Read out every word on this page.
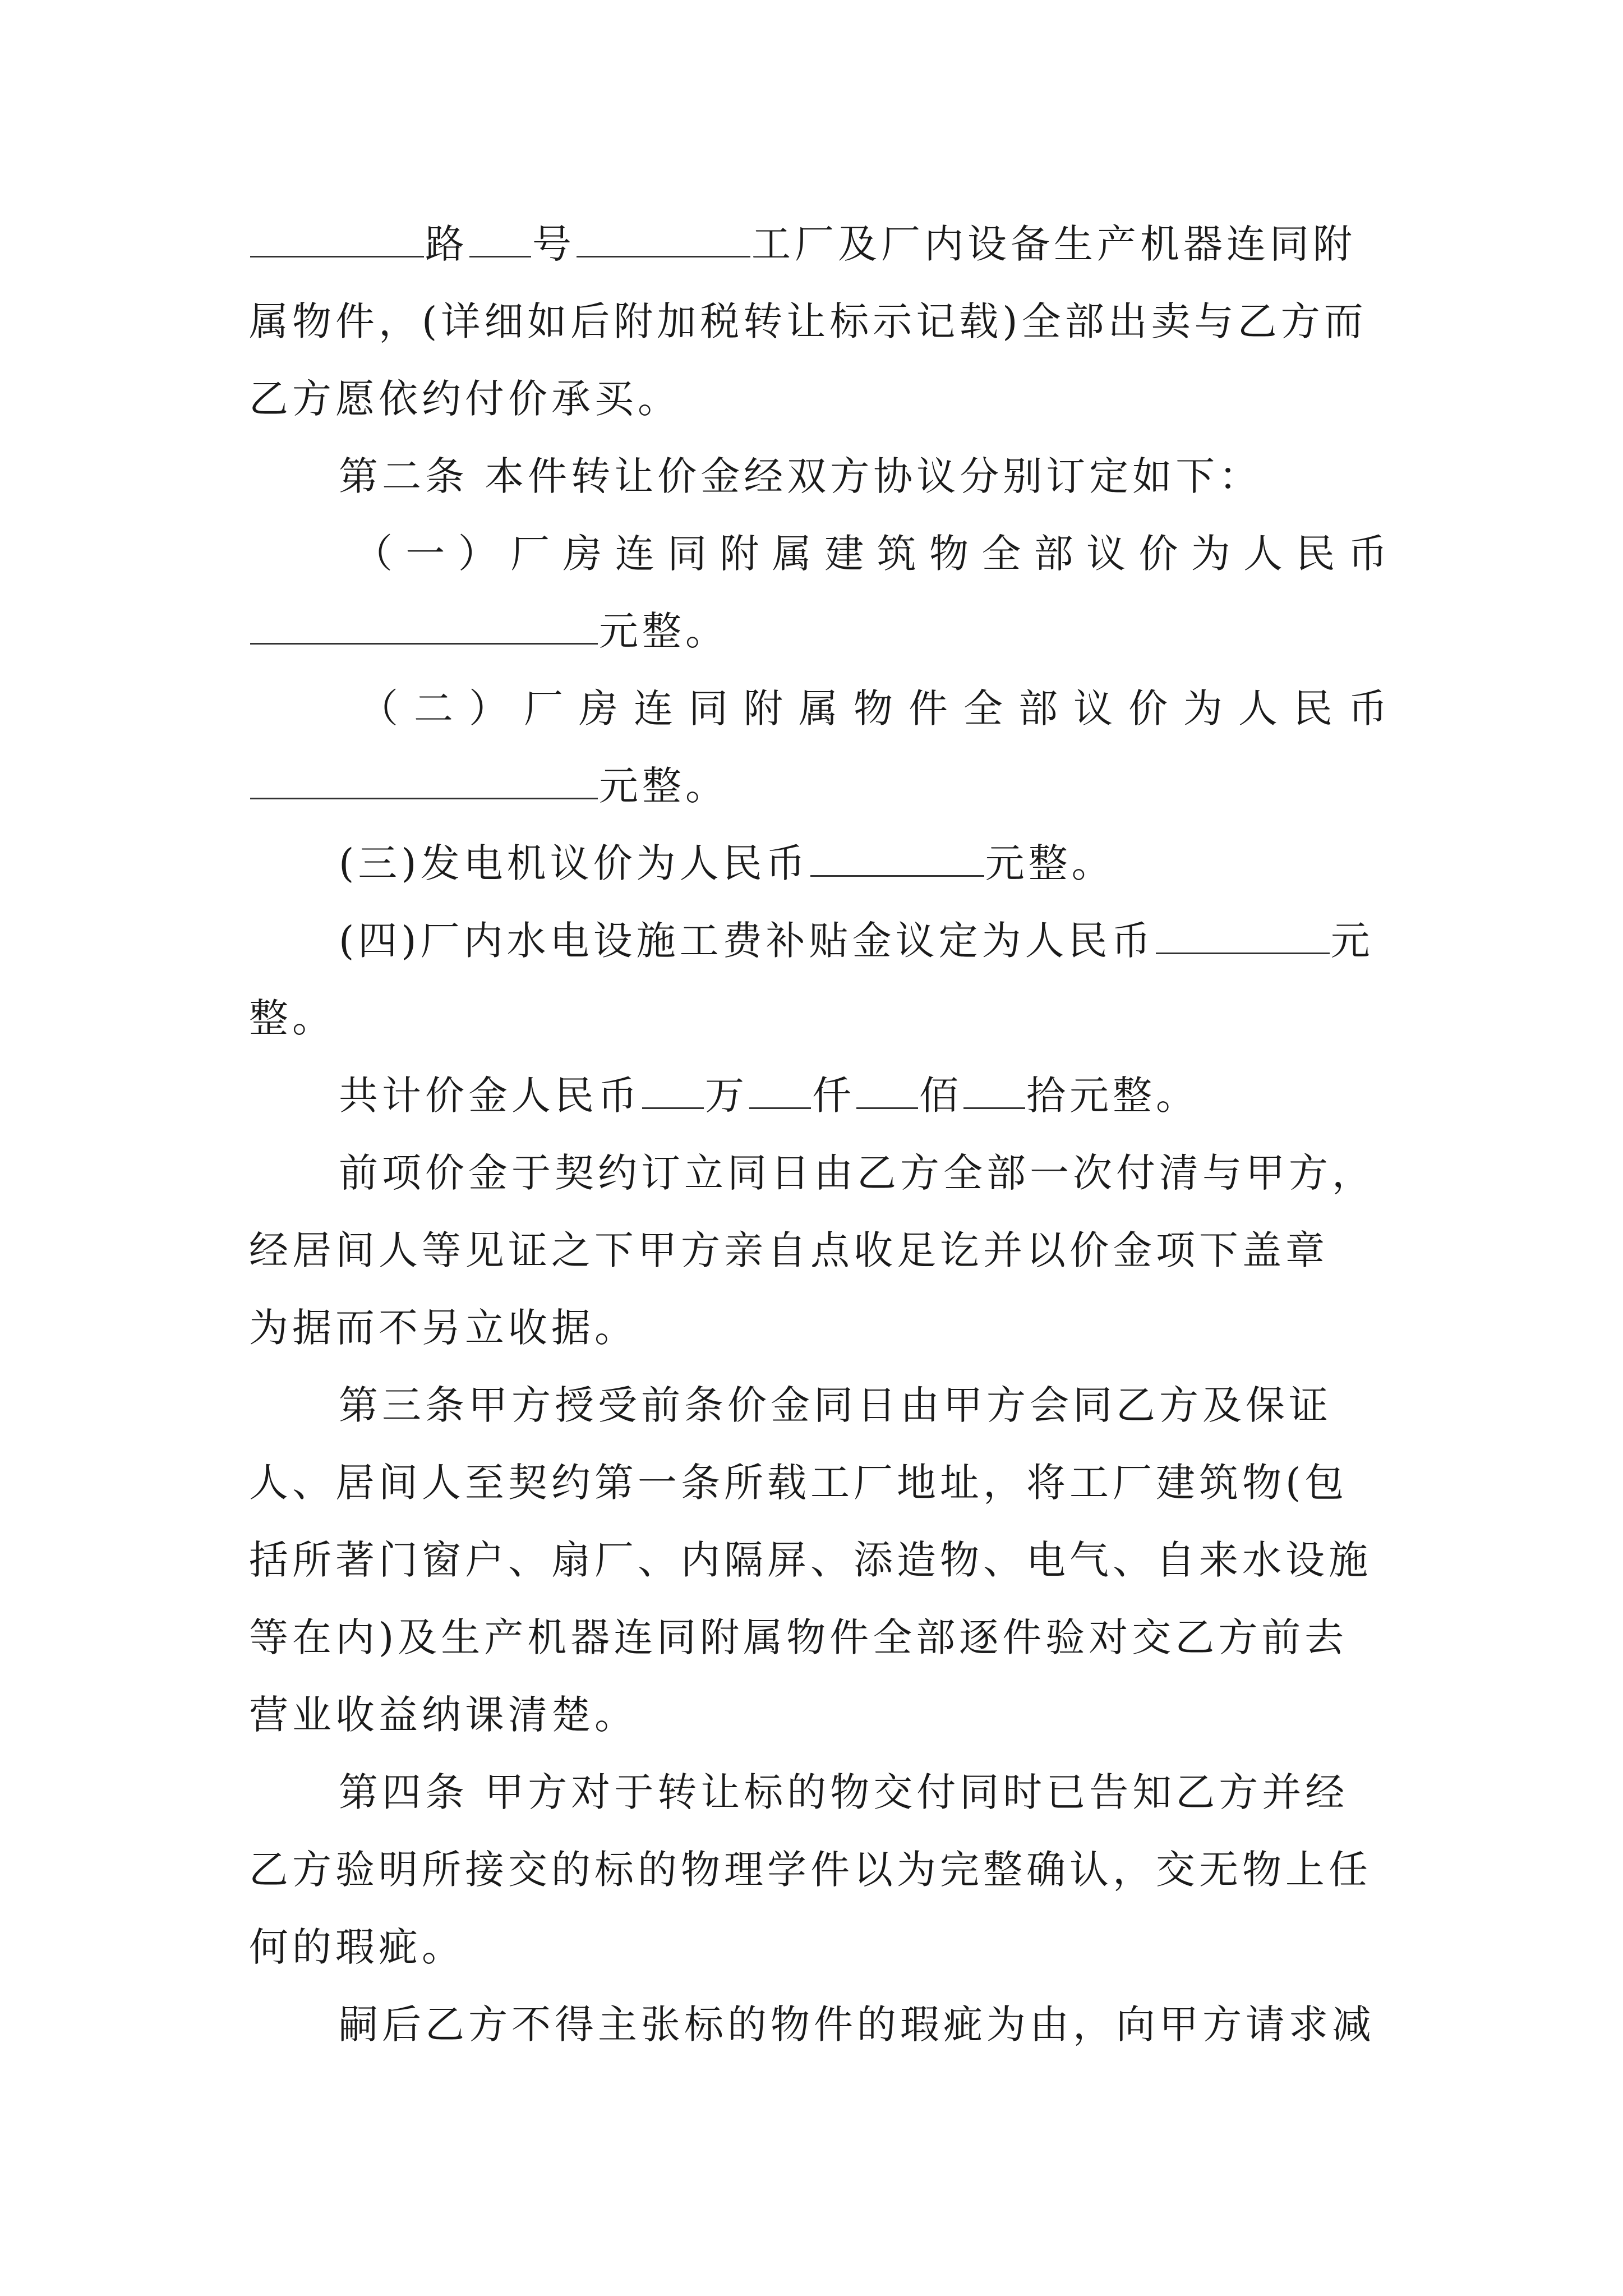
路 号	工厂及厂内设备生产机器连同附
属物件，(详细如后附加税转让标示记载)全部出卖与乙方而
乙方愿依约付价承买。
第二条 本件转让价金经双方协议分别订定如下：
（ 一 ） 厂 房 连 同 附 属 建 筑 物 全 部 议 价 为 人 民 币
元整。
（ 二 ） 厂 房 连 同 附 属 物 件 全 部 议 价 为 人 民 币
元整。
(三)发电机议价为人民币	元整。
(四)厂内水电设施工费补贴金议定为人民币	元
整。
共计价金人民币 万 仟 佰 拾元整。
前项价金于契约订立同日由乙方全部一次付清与甲方，
经居间人等见证之下甲方亲自点收足讫并以价金项下盖章
为据而不另立收据。
第三条甲方授受前条价金同日由甲方会同乙方及保证
人、居间人至契约第一条所载工厂地址，将工厂建筑物(包
括所著门窗户、扇厂、内隔屏、添造物、电气、自来水设施
等在内)及生产机器连同附属物件全部逐件验对交乙方前去
营业收益纳课清楚。
第四条 甲方对于转让标的物交付同时已告知乙方并经
乙方验明所接交的标的物理学件以为完整确认，交无物上任
何的瑕疵。
嗣后乙方不得主张标的物件的瑕疵为由，向甲方请求减
